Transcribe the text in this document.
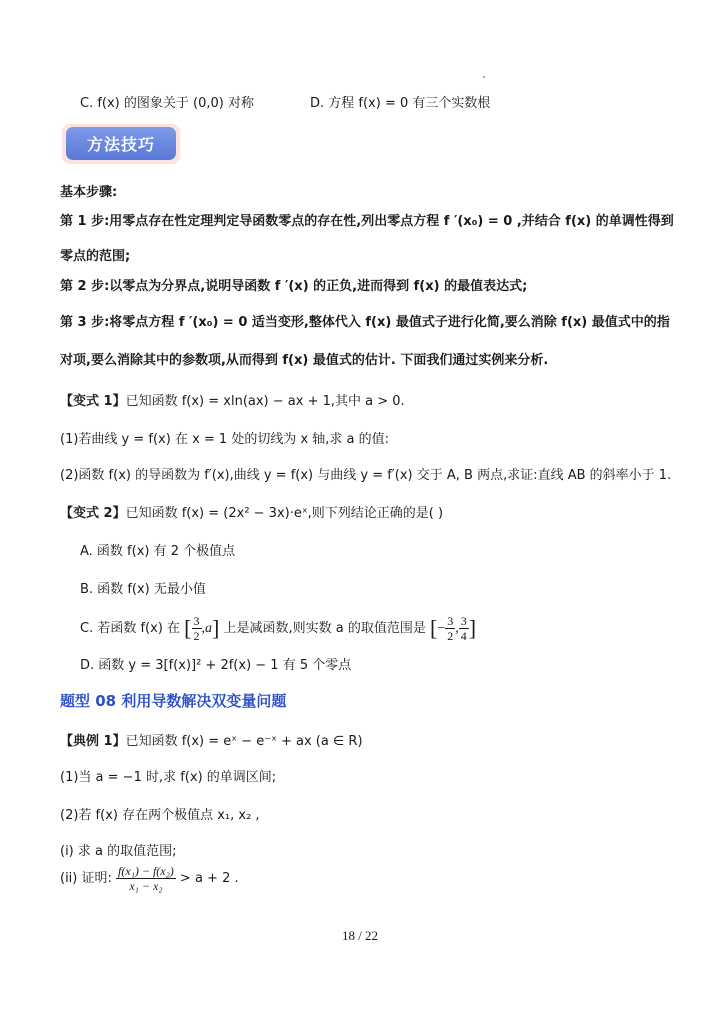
C. f(x) 的图象关于 (0,0) 对称	D. 方程 f(x) = 0 有三个实数根
方法技巧
基本步骤:
第 1 步:用零点存在性定理判定导函数零点的存在性,列出零点方程 f ′(x₀) = 0 ,并结合 f(x) 的单调性得到
零点的范围;
第 2 步:以零点为分界点,说明导函数 f ′(x) 的正负,进而得到 f(x) 的最值表达式;
第 3 步:将零点方程 f ′(x₀) = 0 适当变形,整体代入 f(x) 最值式子进行化简,要么消除 f(x) 最值式中的指
对项,要么消除其中的参数项,从而得到 f(x) 最值式的估计. 下面我们通过实例来分析.
【变式 1】已知函数 f(x) = xln(ax) − ax + 1,其中 a > 0.
(1)若曲线 y = f(x) 在 x = 1 处的切线为 x 轴,求 a 的值:
(2)函数 f(x) 的导函数为 f′(x),曲线 y = f(x) 与曲线 y = f′(x) 交于 A, B 两点,求证:直线 AB 的斜率小于 1.
【变式 2】已知函数 f(x) = (2x² − 3x)·eˣ,则下列结论正确的是( )
A. 函数 f(x) 有 2 个极值点
B. 函数 f(x) 无最小值
C. 若函数 f(x) 在 [ $\frac{3}{2} ,a$] 上是减函数,则实数 a 的取值范围是 [− $\frac{3}{2}$ , $\frac{3}{4}$ ]
D. 函数 y = 3[f(x)]² + 2f(x) − 1 有 5 个零点
题型 08 利用导数解决双变量问题
【典例 1】已知函数 f(x) = eˣ − e⁻ˣ + ax (a ∈ R)
(1)当 a = −1 时,求 f(x) 的单调区间;
(2)若 f(x) 存在两个极值点 x₁, x₂ ,
(i) 求 a 的取值范围;
(ii) 证明: $\frac{\text{f(x₁) − f(x₂)}}{\text{x₁ − x₂}} > a + 2$ .
18 / 22
